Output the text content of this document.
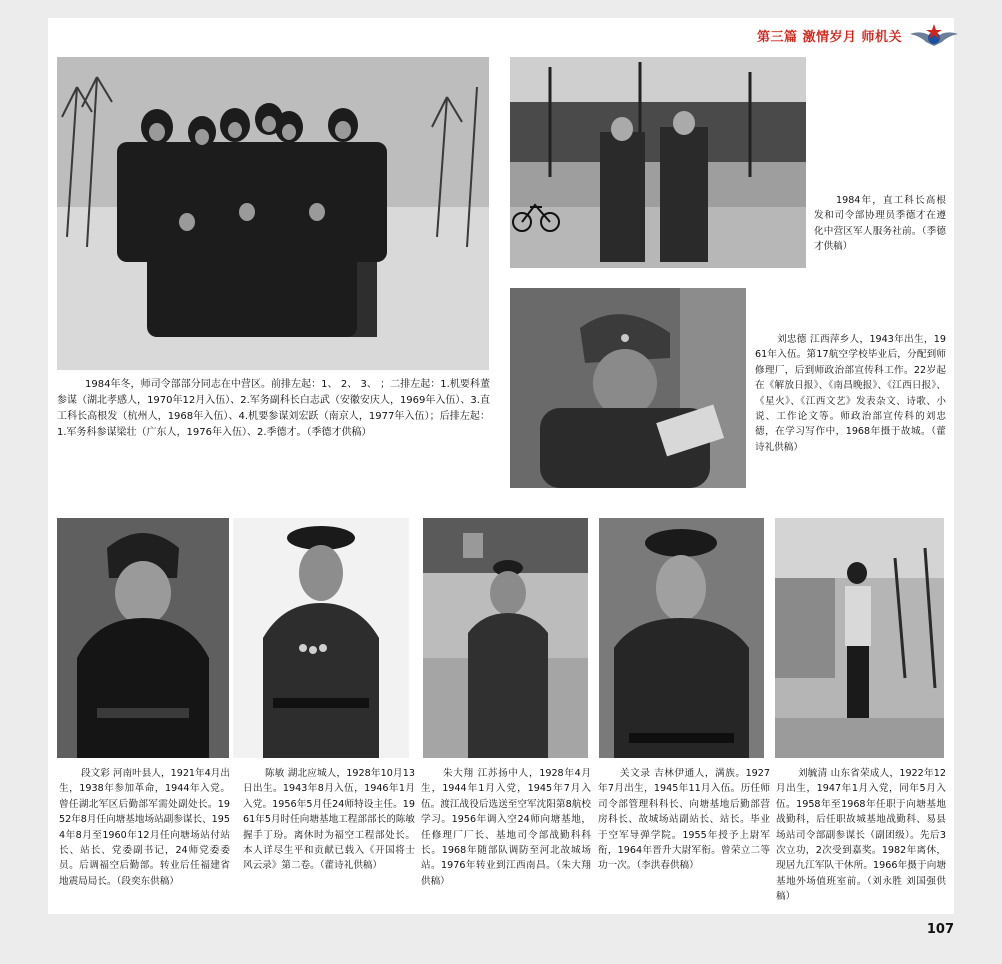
第三篇 激情岁月 师机关
1984年冬，师司令部部分同志在中营区。前排左起：1、 2、 3、 ；二排左起：1.机要科董参谋（湖北孝感人，1970年12月入伍）、2.军务副科长白志武（安徽安庆人，1969年入伍）、3.直工科长高根发（杭州人，1968年入伍）、4.机要参谋刘宏跃（南京人，1977年入伍）；后排左起：1.军务科参谋梁壮（广东人，1976年入伍）、2.季德才。（季德才供稿）
1984年，直工科长高根发和司令部协理员季德才在遵化中营区军人服务社前。（季德才供稿）
刘忠德 江西萍乡人，1943年出生，1961年入伍。第17航空学校毕业后，分配到师修理厂，后到师政治部宣传科工作。22岁起在《解放日报》、《南昌晚报》、《江西日报》、《星火》、《江西文艺》发表杂文、诗歌、小说、工作论文等。师政治部宣传科的刘忠德，在学习写作中，1968年摄于故城。（藿诗礼供稿）
段文彩 河南叶县人，1921年4月出生，1938年参加革命，1944年入党。曾任湖北军区后勤部军需处副处长。1952年8月任向塘基地场站副参谋长、1954年8月至1960年12月任向塘场站付站长、站长、党委副书记，24师党委委员。后调福空后勤部。转业后任福建省地震局局长。（段奕东供稿）
陈敏 湖北应城人，1928年10月13日出生。1943年8月入伍，1946年1月入党。1956年5月任24师特设主任。1961年5月时任向塘基地工程部部长的陈敏握手丁玢。离休时为福空工程部处长。本人详尽生平和贡献已载入《开国将士风云录》第二卷。（藿诗礼供稿）
朱大翔 江苏扬中人，1928年4月生，1944年1月入党，1945年7月入伍。渡江战役后选送至空军沈阳第8航校学习。1956年调入空24师向塘基地，任修理厂厂长、基地司令部战勤科科长。1968年随部队调防至河北故城场站。1976年转业到江西南昌。（朱大翔供稿）
关文录 吉林伊通人，满族。1927年7月出生，1945年11月入伍。历任师司令部管理科科长、向塘基地后勤部营房科长、故城场站副站长、站长。毕业于空军导弹学院。1955年授予上尉军衔，1964年晋升大尉军衔。曾荣立二等功一次。（李洪春供稿）
刘毓清 山东省荣成人，1922年12月出生，1947年1月入党，同年5月入伍。1958年至1968年任职于向塘基地战勤科，后任职故城基地战勤科、易县场站司令部副参谋长（副团级）。先后3次立功，2次受到嘉奖。1982年离休，现居九江军队干休所。1966年摄于向塘基地外场值班室前。（刘永胜 刘国强供稿）
107
